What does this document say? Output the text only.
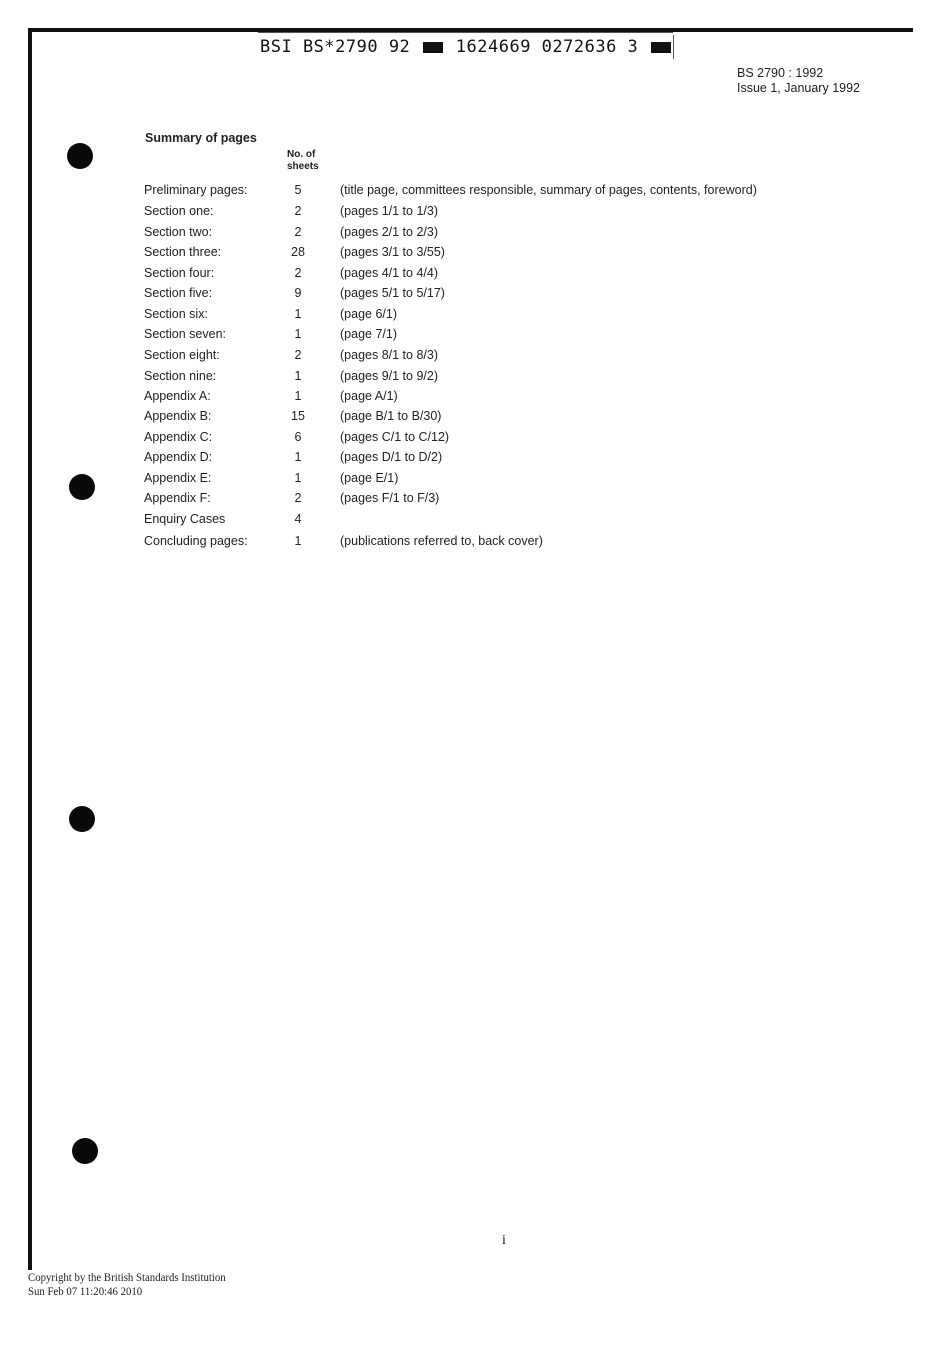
BSI BS*2790 92	1624669 0272636 3
BS 2790 : 1992
Issue 1, January 1992
Summary of pages
No. of
sheets
Preliminary pages:	5	(title page, committees responsible, summary of pages, contents, foreword)
Section one:	2	(pages 1/1 to 1/3)
Section two:	2	(pages 2/1 to 2/3)
Section three:	28	(pages 3/1 to 3/55)
Section four:	2	(pages 4/1 to 4/4)
Section five:	9	(pages 5/1 to 5/17)
Section six:	1	(page 6/1)
Section seven:	1	(page 7/1)
Section eight:	2	(pages 8/1 to 8/3)
Section nine:	1	(pages 9/1 to 9/2)
Appendix A:	1	(page A/1)
Appendix B:	15	(page B/1 to B/30)
Appendix C:	6	(pages C/1 to C/12)
Appendix D:	1	(pages D/1 to D/2)
Appendix E:	1	(page E/1)
Appendix F:	2	(pages F/1 to F/3)
Enquiry Cases	4
Concluding pages:	1	(publications referred to, back cover)
i
Copyright by the British Standards Institution
Sun Feb 07 11:20:46 2010
